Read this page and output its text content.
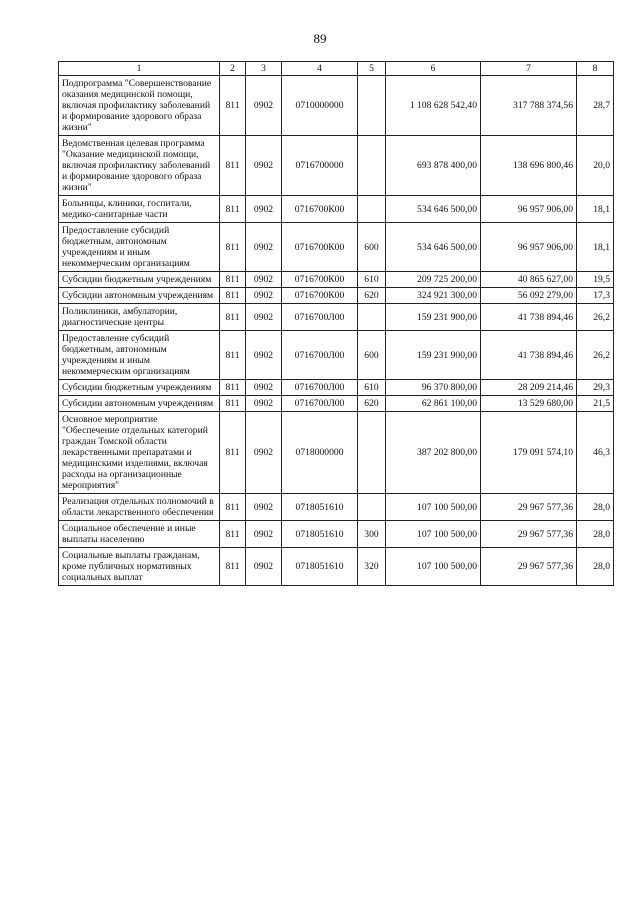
89
1	2	3	4	5	6	7	8
Подпрограмма "Совершенствование оказания медицинской помощи, включая профилактику заболеваний и формирование здорового образа жизни"	811	0902	0710000000		1 108 628 542,40	317 788 374,56	28,7
Ведомственная целевая программа "Оказание медицинской помощи, включая профилактику заболеваний и формирование здорового образа жизни"	811	0902	0716700000		693 878 400,00	138 696 800,46	20,0
Больницы, клиники, госпитали, медико-санитарные части	811	0902	0716700К00		534 646 500,00	96 957 906,00	18,1
Предоставление субсидий бюджетным, автономным учреждениям и иным некоммерческим организациям	811	0902	0716700К00	600	534 646 500,00	96 957 906,00	18,1
Субсидии бюджетным учреждениям	811	0902	0716700К00	610	209 725 200,00	40 865 627,00	19,5
Субсидии автономным учреждениям	811	0902	0716700К00	620	324 921 300,00	56 092 279,00	17,3
Поликлиники, амбулатории, диагностические центры	811	0902	0716700Л00		159 231 900,00	41 738 894,46	26,2
Предоставление субсидий бюджетным, автономным учреждениям и иным некоммерческим организациям	811	0902	0716700Л00	600	159 231 900,00	41 738 894,46	26,2
Субсидии бюджетным учреждениям	811	0902	0716700Л00	610	96 370 800,00	28 209 214,46	29,3
Субсидии автономным учреждениям	811	0902	0716700Л00	620	62 861 100,00	13 529 680,00	21,5
Основное мероприятие "Обеспечение отдельных категорий граждан Томской области лекарственными препаратами и медицинскими изделиями, включая расходы на организационные мероприятия"	811	0902	0718000000		387 202 800,00	179 091 574,10	46,3
Реализация отдельных полномочий в области лекарственного обеспечения	811	0902	0718051610		107 100 500,00	29 967 577,36	28,0
Социальное обеспечение и иные выплаты населению	811	0902	0718051610	300	107 100 500,00	29 967 577,36	28,0
Социальные выплаты гражданам, кроме публичных нормативных социальных выплат	811	0902	0718051610	320	107 100 500,00	29 967 577,36	28,0
